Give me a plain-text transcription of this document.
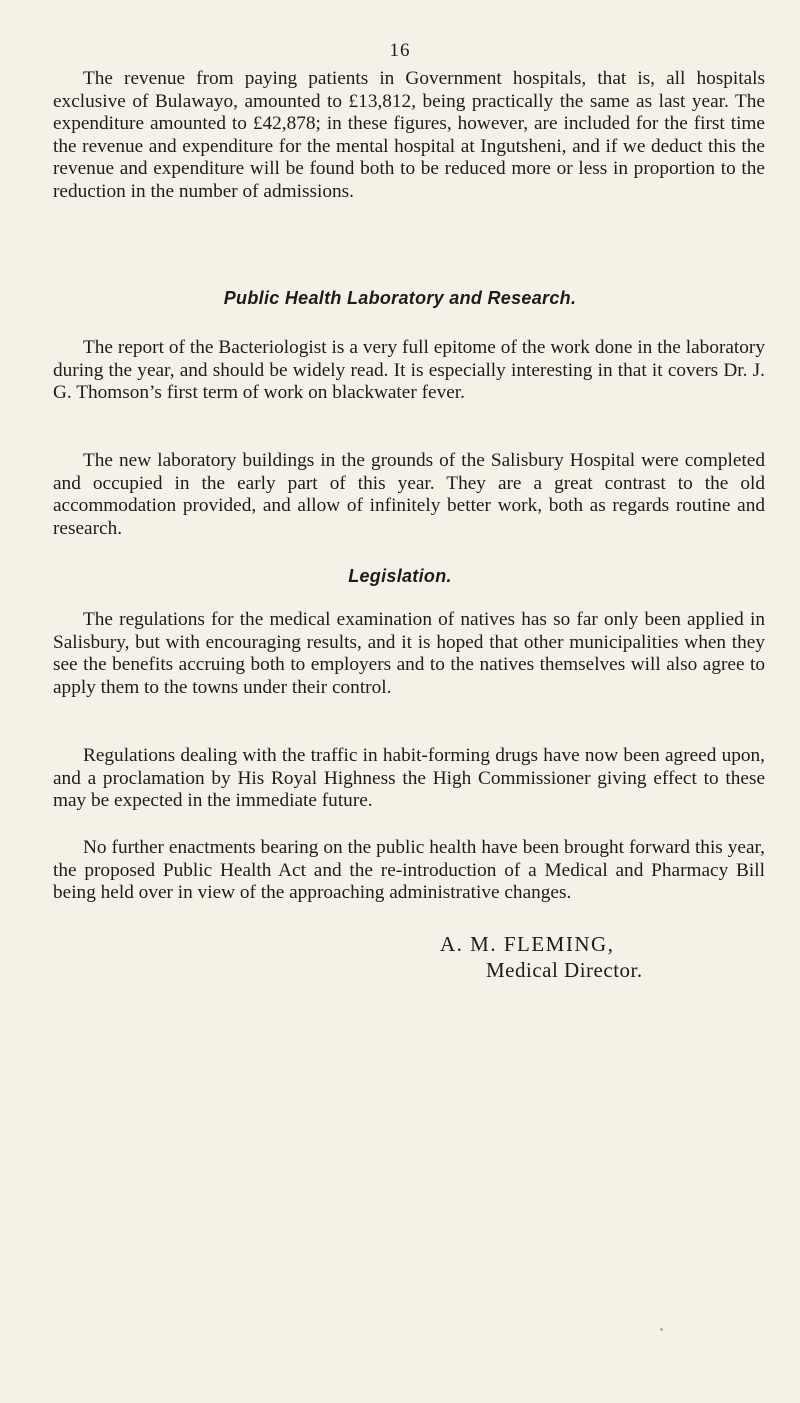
16

The revenue from paying patients in Government hospitals, that is, all hospitals exclusive of Bulawayo, amounted to £13,812, being practically the same as last year. The expenditure amounted to £42,878; in these figures, however, are included for the first time the revenue and expenditure for the mental hospital at Ingutsheni, and if we deduct this the revenue and expenditure will be found both to be reduced more or less in proportion to the reduction in the number of admissions.

Public Health Laboratory and Research.

The report of the Bacteriologist is a very full epitome of the work done in the laboratory during the year, and should be widely read. It is especially interesting in that it covers Dr. J. G. Thomson’s first term of work on blackwater fever.

The new laboratory buildings in the grounds of the Salisbury Hospital were completed and occupied in the early part of this year. They are a great contrast to the old accommodation provided, and allow of infinitely better work, both as regards routine and research.

Legislation.

The regulations for the medical examination of natives has so far only been applied in Salisbury, but with encouraging results, and it is hoped that other municipalities when they see the benefits accruing both to employers and to the natives themselves will also agree to apply them to the towns under their control.

Regulations dealing with the traffic in habit-forming drugs have now been agreed upon, and a proclamation by His Royal Highness the High Commissioner giving effect to these may be expected in the immediate future.

No further enactments bearing on the public health have been brought forward this year, the proposed Public Health Act and the re-introduction of a Medical and Pharmacy Bill being held over in view of the approaching administrative changes.

A. M. FLEMING,

Medical Director.
